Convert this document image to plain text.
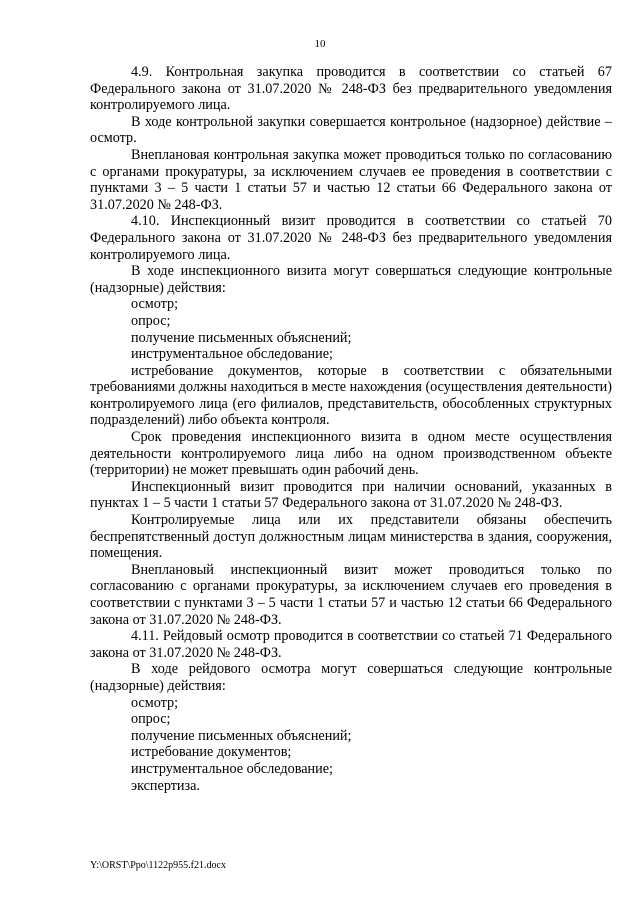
10

4.9. Контрольная закупка проводится в соответствии со статьей 67 Федерального закона от 31.07.2020 № 248-ФЗ без предварительного уведомления контролируемого лица.

В ходе контрольной закупки совершается контрольное (надзорное) действие – осмотр.

Внеплановая контрольная закупка может проводиться только по согласованию с органами прокуратуры, за исключением случаев ее проведения в соответствии с пунктами 3 – 5 части 1 статьи 57 и частью 12 статьи 66 Федерального закона от 31.07.2020 № 248-ФЗ.

4.10. Инспекционный визит проводится в соответствии со статьей 70 Федерального закона от 31.07.2020 № 248-ФЗ без предварительного уведомления контролируемого лица.

В ходе инспекционного визита могут совершаться следующие контрольные (надзорные) действия:

осмотр;

опрос;

получение письменных объяснений;

инструментальное обследование;

истребование документов, которые в соответствии с обязательными требованиями должны находиться в месте нахождения (осуществления деятельности) контролируемого лица (его филиалов, представительств, обособленных структурных подразделений) либо объекта контроля.

Срок проведения инспекционного визита в одном месте осуществления деятельности контролируемого лица либо на одном производственном объекте (территории) не может превышать один рабочий день.

Инспекционный визит проводится при наличии оснований, указанных в пунктах 1 – 5 части 1 статьи 57 Федерального закона от 31.07.2020 № 248-ФЗ.

Контролируемые лица или их представители обязаны обеспечить беспрепятственный доступ должностным лицам министерства в здания, сооружения, помещения.

Внеплановый инспекционный визит может проводиться только по согласованию с органами прокуратуры, за исключением случаев его проведения в соответствии с пунктами 3 – 5 части 1 статьи 57 и частью 12 статьи 66 Федерального закона от 31.07.2020 № 248-ФЗ.

4.11. Рейдовый осмотр проводится в соответствии со статьей 71 Федерального закона от 31.07.2020 № 248-ФЗ.

В ходе рейдового осмотра могут совершаться следующие контрольные (надзорные) действия:

осмотр;

опрос;

получение письменных объяснений;

истребование документов;

инструментальное обследование;

экспертиза.

Y:\ORST\Ppo\1122p955.f21.docx
